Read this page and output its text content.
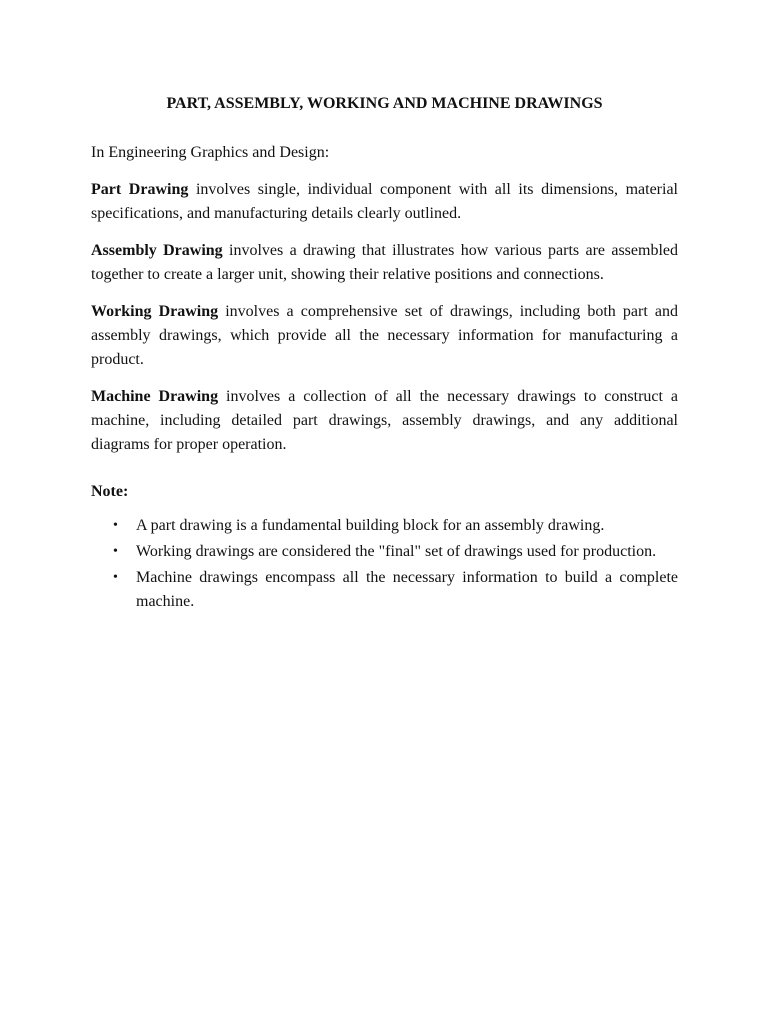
PART, ASSEMBLY, WORKING AND MACHINE DRAWINGS

In Engineering Graphics and Design:

Part Drawing involves single, individual component with all its dimensions, material specifications, and manufacturing details clearly outlined.

Assembly Drawing involves a drawing that illustrates how various parts are assembled together to create a larger unit, showing their relative positions and connections.

Working Drawing involves a comprehensive set of drawings, including both part and assembly drawings, which provide all the necessary information for manufacturing a product.

Machine Drawing involves a collection of all the necessary drawings to construct a machine, including detailed part drawings, assembly drawings, and any additional diagrams for proper operation.

Note:

• A part drawing is a fundamental building block for an assembly drawing.
• Working drawings are considered the "final" set of drawings used for production.
• Machine drawings encompass all the necessary information to build a complete machine.
